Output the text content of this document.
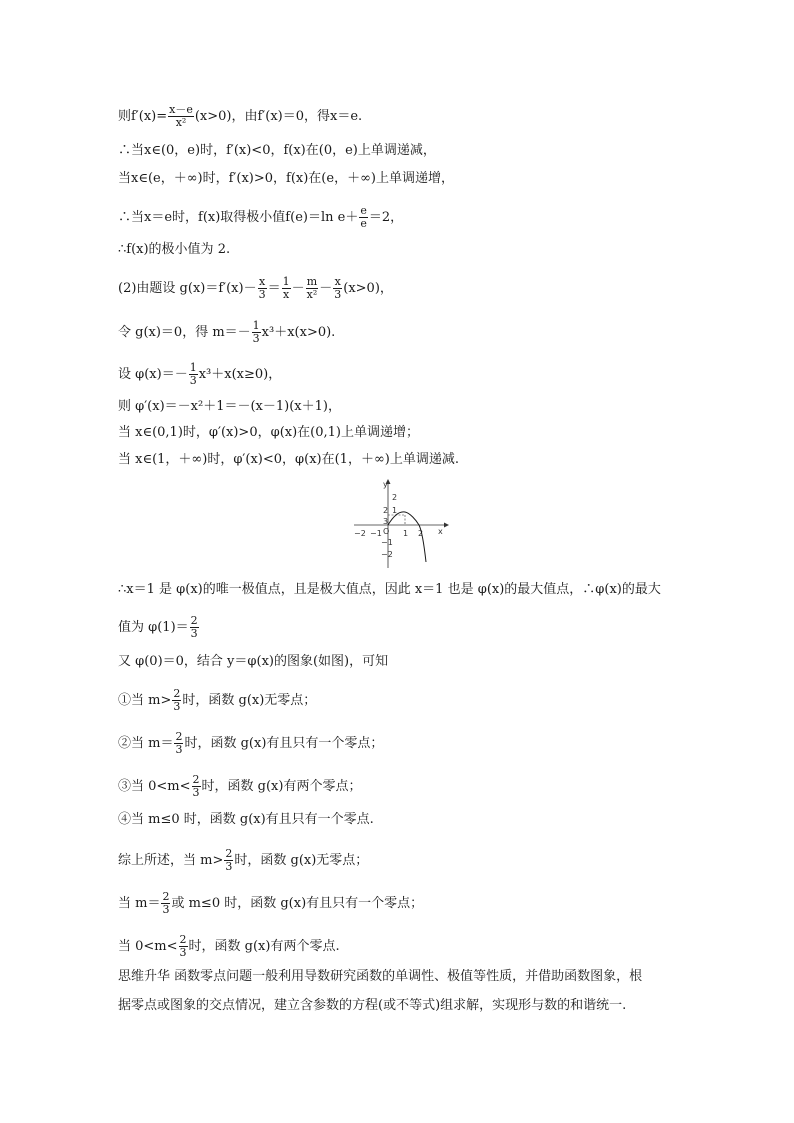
则$f'(x)= \frac{x-e}{\text{x²}} (x>0)$，由f′(x)＝0，得x＝e.
∴当x∈(0，e)时，f′(x)<0，f(x)在(0，e)上单调递减，
当x∈(e，＋∞)时，f′(x)>0，f(x)在(e，＋∞)上单调递增，
∴当x＝e时，f(x)取得极小值f(e)＝ln $e+ \frac{e}{e} =2$，
∴f(x)的极小值为 2.
(2)由题设 $g(x)=f'(x)- \frac{x}{3} = \frac{1}{x} - \frac{m}{\text{x²}} - \frac{x}{3} (x>0)$，
令 g(x)＝0，得 $m=- \frac{1}{3} x^3+x(x>0)$.
设 $\varphi(x)=- \frac{1}{3} x^3+x(x\ge 0)$，
则 φ′(x)＝－x²＋1＝－(x－1)(x＋1)，
当 x∈(0,1)时，φ′(x)>0，φ(x)在(0,1)上单调递增；
当 x∈(1，＋∞)时，φ′(x)<0，φ(x)在(1，＋∞)上单调递减.
y
x
O
−2 −1	1 2
2
2 1
3
−1
−2
∴x＝1 是 φ(x)的唯一极值点，且是极大值点，因此 x＝1 也是 φ(x)的最大值点，∴φ(x)的最大
值为 $\varphi(1)= \frac{2}{3}$
又 φ(0)＝0，结合 y＝φ(x)的图象(如图)，可知
①当 $m> \frac{2}{3}$ 时，函数 g(x)无零点；
②当 $m= \frac{2}{3}$ 时，函数 g(x)有且只有一个零点；
③当 $0<m< \frac{2}{3}$ 时，函数 g(x)有两个零点；
④当 m≤0 时，函数 g(x)有且只有一个零点.
综上所述，当 $m> \frac{2}{3}$ 时，函数 g(x)无零点；
当 $m= \frac{2}{3}$ 或 m≤0 时，函数 g(x)有且只有一个零点；
当 $0<m< \frac{2}{3}$ 时，函数 g(x)有两个零点.
思维升华 函数零点问题一般利用导数研究函数的单调性、极值等性质，并借助函数图象，根
据零点或图象的交点情况，建立含参数的方程(或不等式)组求解，实现形与数的和谐统一.
